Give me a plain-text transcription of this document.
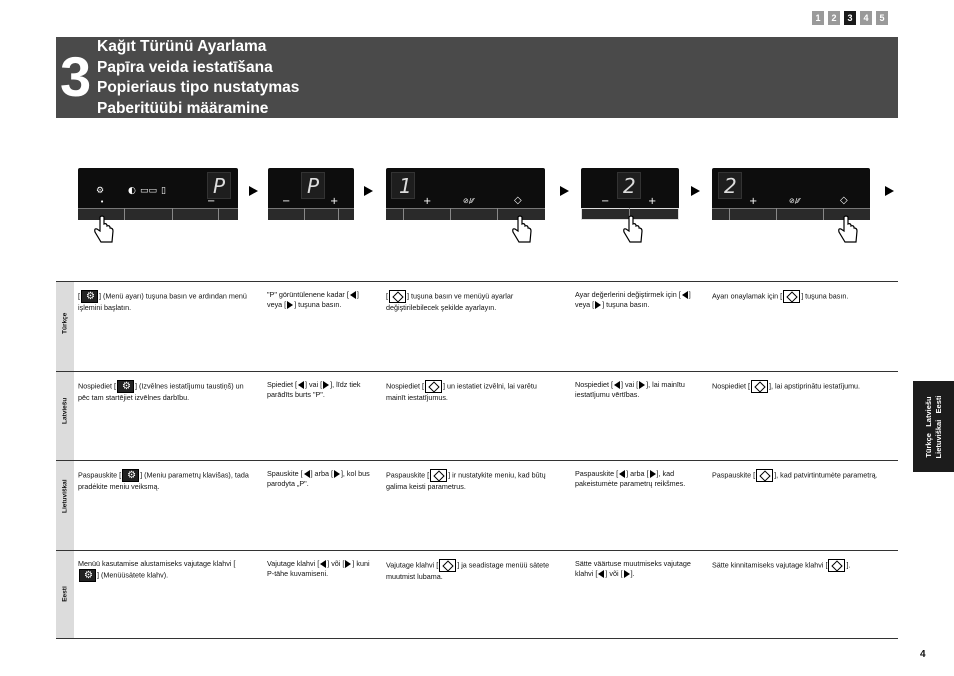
1	2	3	4	5
3 Kağıt Türünü Ayarlama
Papīra veida iestatīšana
Popieriaus tipo nustatymas
Paberitüübi määramine
⚙
•
◐ ▭▭ ▯ P
−
P
−	+
1
+	⊘/⁄⁄	◇
2
−	+
2
+	⊘/⁄⁄	◇
Türkçe
[ ⚙	] (Menü ayarı) tuşuna basın ve ardından menü işlemini başlatın.
"P" görüntülenene kadar [ ] veya [ ] tuşuna basın.
[	] tuşuna basın ve menüyü ayarlar değiştirilebilecek şekilde ayarlayın.
Ayar değerlerini değiştirmek için [ ] veya [ ] tuşuna basın.
Ayarı onaylamak için [	] tuşuna basın.
Latviešu
Nospiediet [ ⚙	] (Izvēlnes iestatījumu taustiņš) un pēc tam startējiet izvēlnes darbību.
Spiediet [ ] vai [ ], līdz tiek parādīts burts "P".
Nospiediet [	] un iestatiet izvēlni, lai varētu mainīt iestatījumus.
Nospiediet [ ] vai [ ], lai mainītu iestatījumu vērtības.
Nospiediet [	], lai apstiprinātu iestatījumu.
Lietuviškai
Paspauskite [ ⚙	] (Meniu parametrų klavišas), tada pradėkite meniu veiksmą.
Spauskite [ ] arba [ ], kol bus parodyta „P".
Paspauskite [	] ir nustatykite meniu, kad būtų galima keisti parametrus.
Paspauskite [ ] arba [ ], kad pakeistumėte parametrų reikšmes.
Paspauskite [	], kad patvirtintumėte parametrą.
Eesti
Menüü kasutamise alustamiseks vajutage klahvi [⚙] (Menüüsätete klahv).
Vajutage klahvi [ ] või [ ] kuni P-tähe kuvamiseni.
Vajutage klahvi [	] ja seadistage menüü sätete muutmist lubama.
Sätte väärtuse muutmiseks vajutage klahvi [ ] või [ ].
Sätte kinnitamiseks vajutage klahvi [	].
Türkçe   Latviešu Lietuviškai   Eesti
4
